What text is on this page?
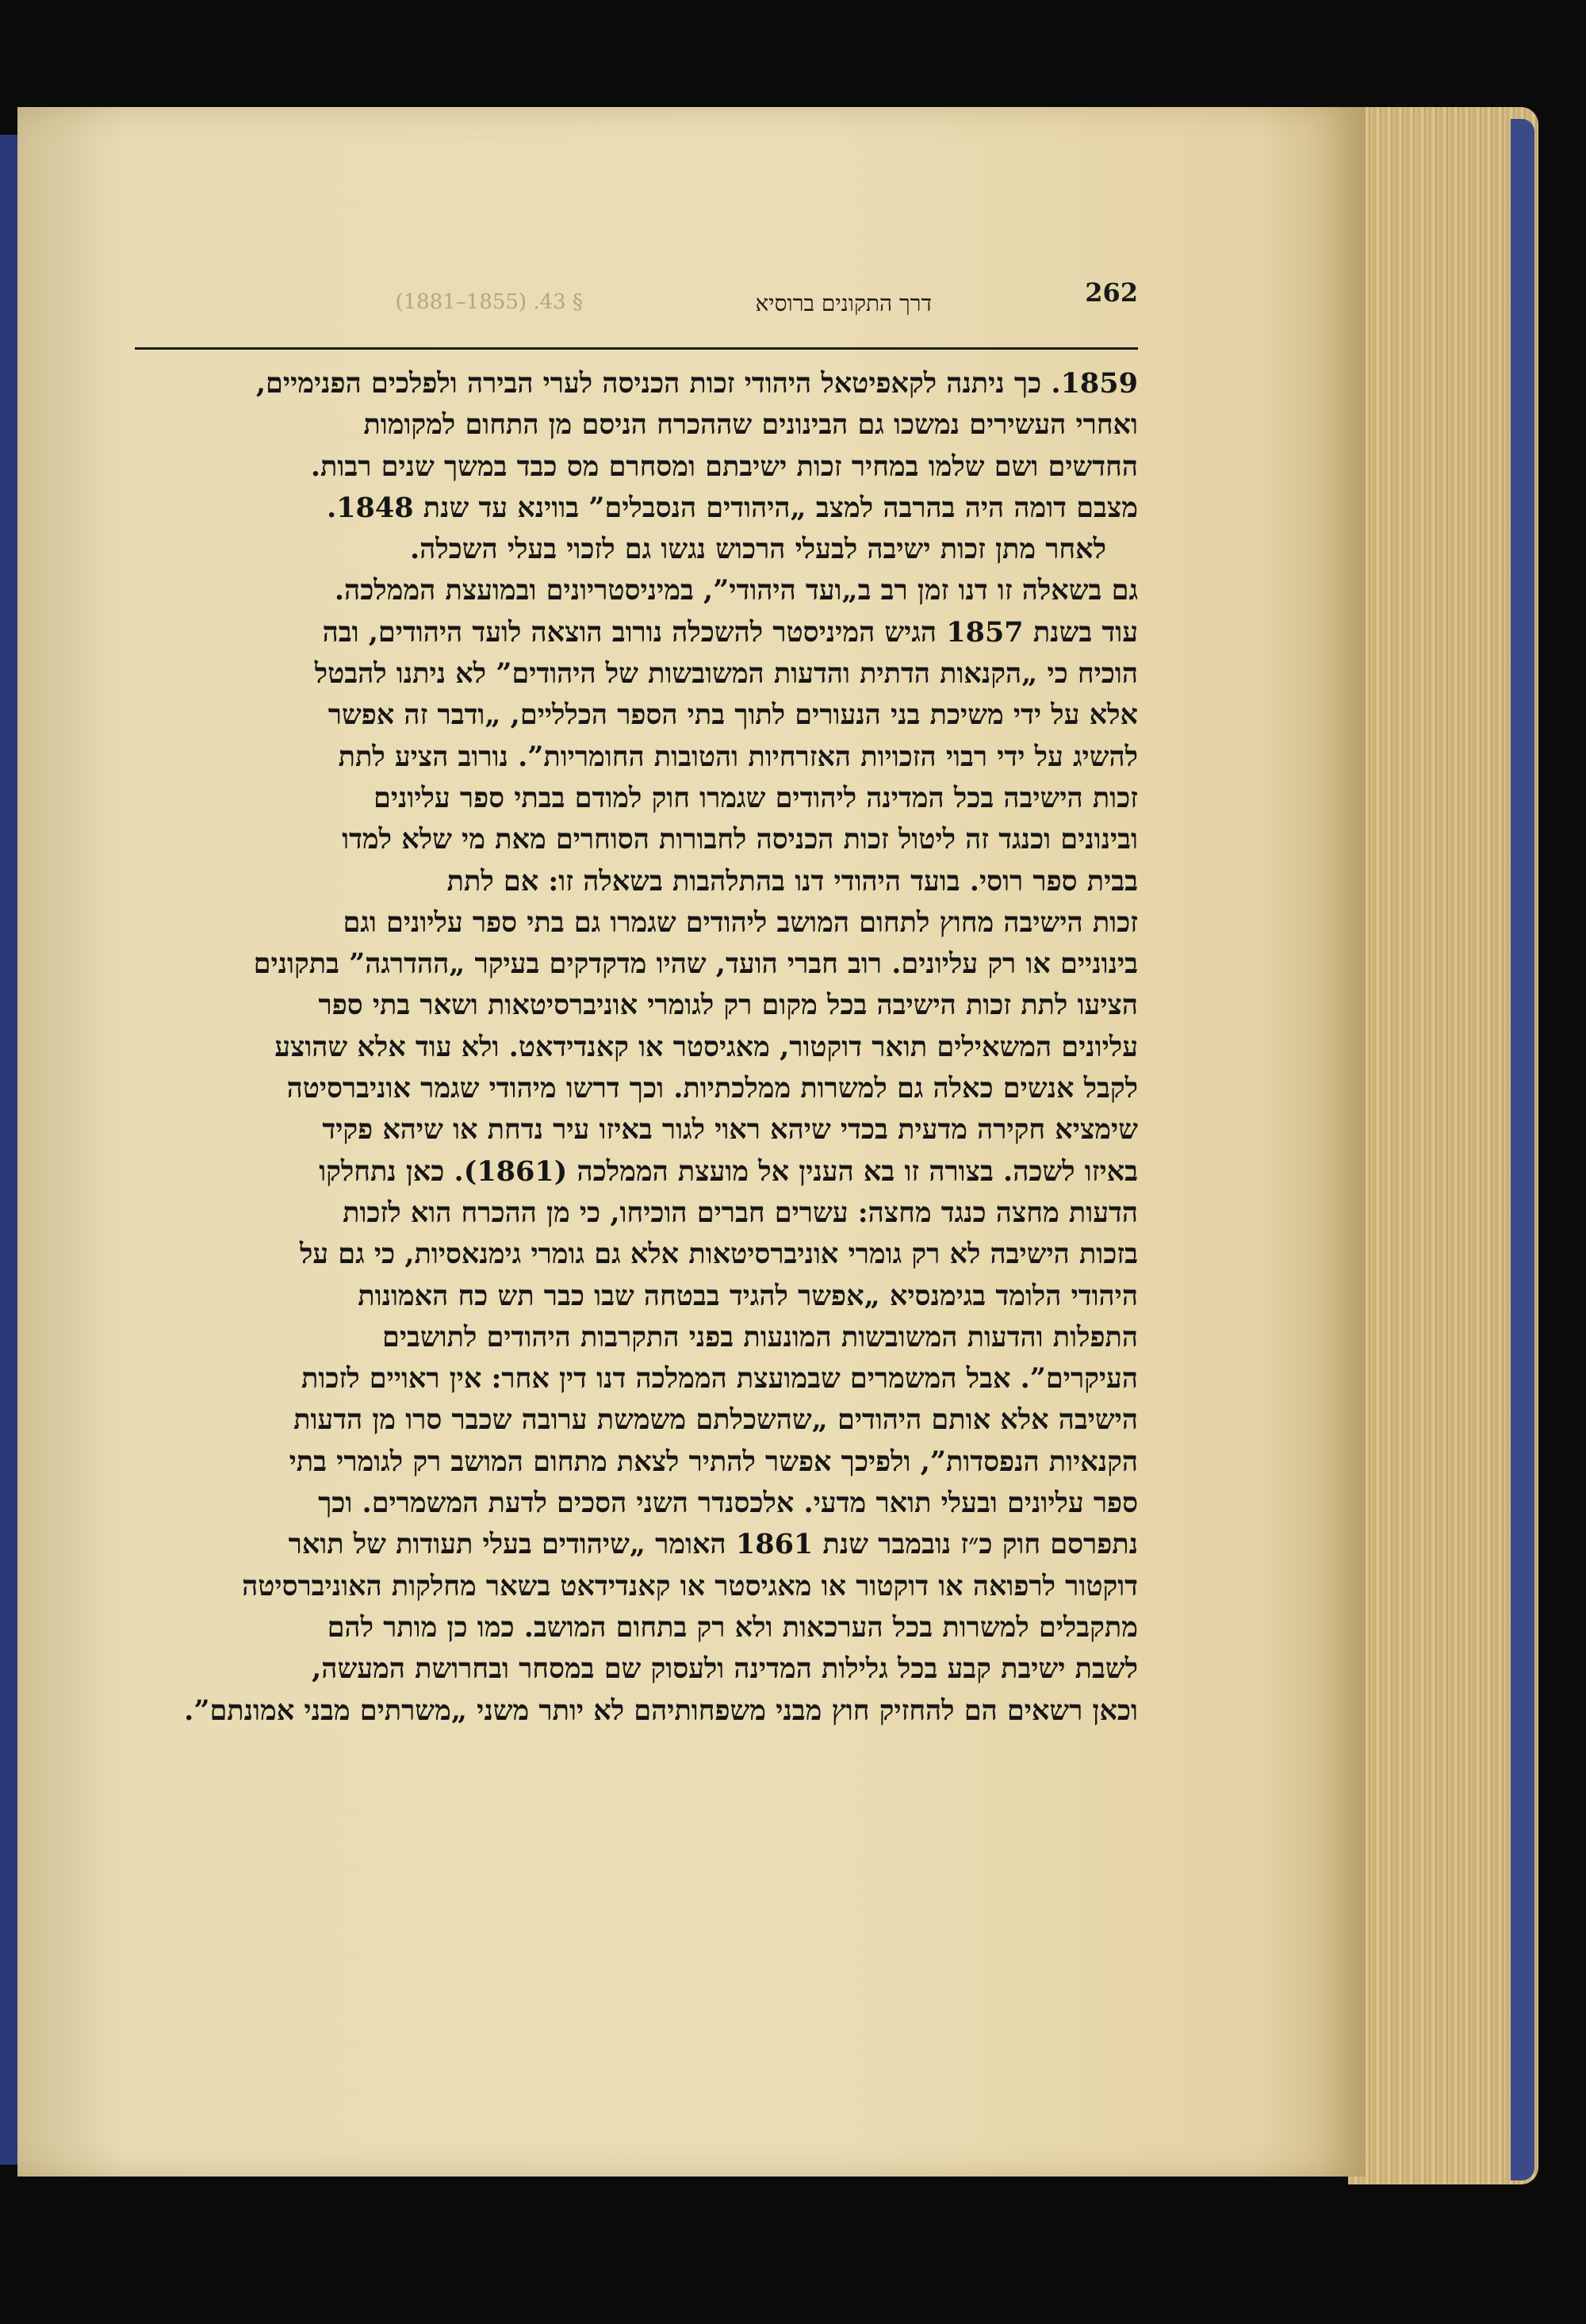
262
דרך התקונים ברוסיא
(1881–1855) .43 §
1859. כך ניתנה לקאפיטאל היהודי זכות הכניסה לערי הבירה ולפלכים הפנימיים,
ואחרי העשירים נמשכו גם הבינונים שההכרח הניסם מן התחום למקומות
החדשים ושם שלמו במחיר זכות ישיבתם ומסחרם מס כבד במשך שנים רבות.
מצבם דומה היה בהרבה למצב „היהודים הנסבלים” בווינא עד שנת 1848.
לאחר מתן זכות ישיבה לבעלי הרכוש נגשו גם לזכוי בעלי השכלה.
גם בשאלה זו דנו זמן רב ב„ועד היהודי”, במיניסטריונים ובמועצת הממלכה.
עוד בשנת 1857 הגיש המיניסטר להשכלה נורוב הוצאה לועד היהודים, ובה
הוכיח כי „הקנאות הדתית והדעות המשובשות של היהודים” לא ניתנו להבטל
אלא על ידי משיכת בני הנעורים לתוך בתי הספר הכלליים, „ודבר זה אפשר
להשיג על ידי רבוי הזכויות האזרחיות והטובות החומריות”. נורוב הציע לתת
זכות הישיבה בכל המדינה ליהודים שגמרו חוק למודם בבתי ספר עליונים
ובינונים וכנגד זה ליטול זכות הכניסה לחבורות הסוחרים מאת מי שלא למדו
בבית ספר רוסי. בועד היהודי דנו בהתלהבות בשאלה זו: אם לתת
זכות הישיבה מחוץ לתחום המושב ליהודים שגמרו גם בתי ספר עליונים וגם
בינוניים או רק עליונים. רוב חברי הועד, שהיו מדקדקים בעיקר „ההדרגה” בתקונים
הציעו לתת זכות הישיבה בכל מקום רק לגומרי אוניברסיטאות ושאר בתי ספר
עליונים המשאילים תואר דוקטור, מאגיסטר או קאנדידאט. ולא עוד אלא שהוצע
לקבל אנשים כאלה גם למשרות ממלכתיות. וכך דרשו מיהודי שגמר אוניברסיטה
שימציא חקירה מדעית בכדי שיהא ראוי לגור באיזו עיר נדחת או שיהא פקיד
באיזו לשכה. בצורה זו בא הענין אל מועצת הממלכה (1861). כאן נתחלקו
הדעות מחצה כנגד מחצה: עשרים חברים הוכיחו, כי מן ההכרח הוא לזכות
בזכות הישיבה לא רק גומרי אוניברסיטאות אלא גם גומרי גימנאסיות, כי גם על
היהודי הלומד בגימנסיא „אפשר להגיד בבטחה שבו כבר תש כח האמונות
התפלות והדעות המשובשות המונעות בפני התקרבות היהודים לתושבים
העיקרים”. אבל המשמרים שבמועצת הממלכה דנו דין אחר: אין ראויים לזכות
הישיבה אלא אותם היהודים „שהשכלתם משמשת ערובה שכבר סרו מן הדעות
הקנאיות הנפסדות”, ולפיכך אפשר להתיר לצאת מתחום המושב רק לגומרי בתי
ספר עליונים ובעלי תואר מדעי. אלכסנדר השני הסכים לדעת המשמרים. וכך
נתפרסם חוק כ״ז נובמבר שנת 1861 האומר „שיהודים בעלי תעודות של תואר
דוקטור לרפואה או דוקטור או מאגיסטר או קאנדידאט בשאר מחלקות האוניברסיטה
מתקבלים למשרות בכל הערכאות ולא רק בתחום המושב. כמו כן מותר להם
לשבת ישיבת קבע בכל גלילות המדינה ולעסוק שם במסחר ובחרושת המעשה,
וכאן רשאים הם להחזיק חוץ מבני משפחותיהם לא יותר משני „משרתים מבני אמונתם”.
